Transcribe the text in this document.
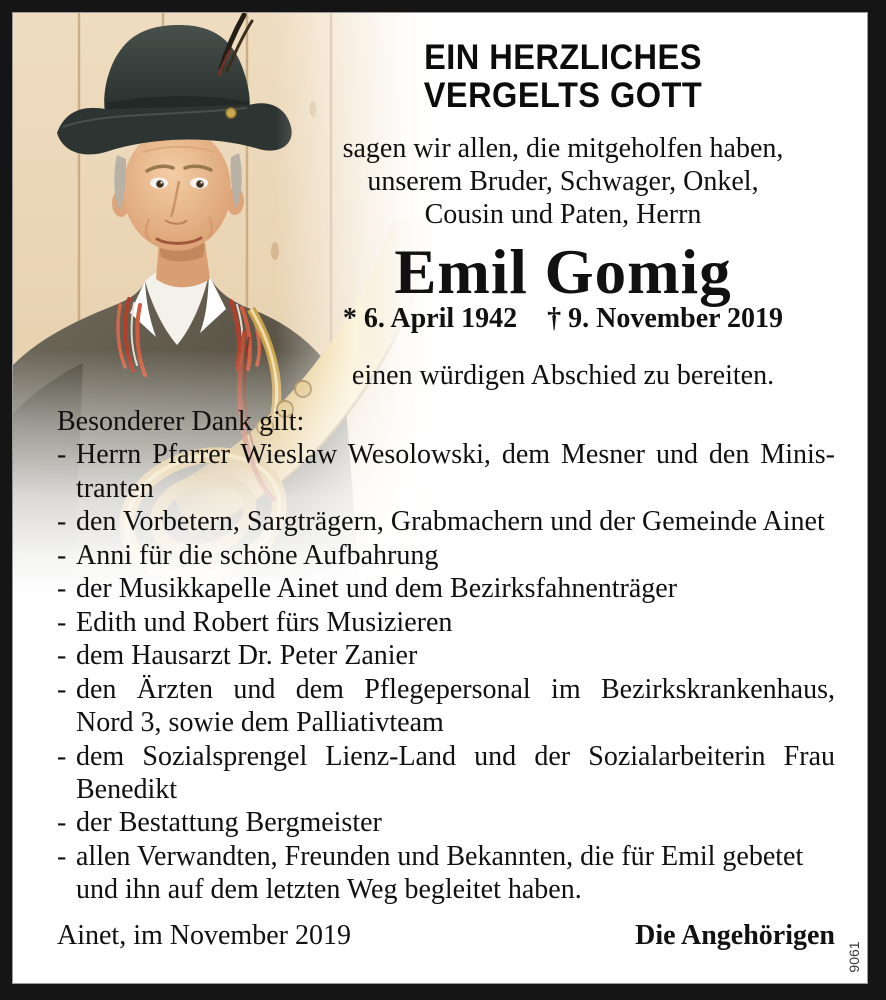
EIN HERZLICHES
VERGELTS GOTT
sagen wir allen, die mitgeholfen haben,
unserem Bruder, Schwager, Onkel,
Cousin und Paten, Herrn
Emil Gomig
* 6. April 1942 † 9. November 2019
einen würdigen Abschied zu bereiten.
Besonderer Dank gilt:
- Herrn Pfarrer Wieslaw Wesolowski, dem Mesner und den Minis-
tranten
- den Vorbetern, Sargträgern, Grabmachern und der Gemeinde Ainet
- Anni für die schöne Aufbahrung
- der Musikkapelle Ainet und dem Bezirksfahnenträger
- Edith und Robert fürs Musizieren
- dem Hausarzt Dr. Peter Zanier
- den Ärzten und dem Pflegepersonal im Bezirkskrankenhaus,
Nord 3, sowie dem Palliativteam
- dem Sozialsprengel Lienz-Land und der Sozialarbeiterin Frau
Benedikt
- der Bestattung Bergmeister
- allen Verwandten, Freunden und Bekannten, die für Emil gebetet
und ihn auf dem letzten Weg begleitet haben.
Ainet, im November 2019	Die Angehörigen
9061
